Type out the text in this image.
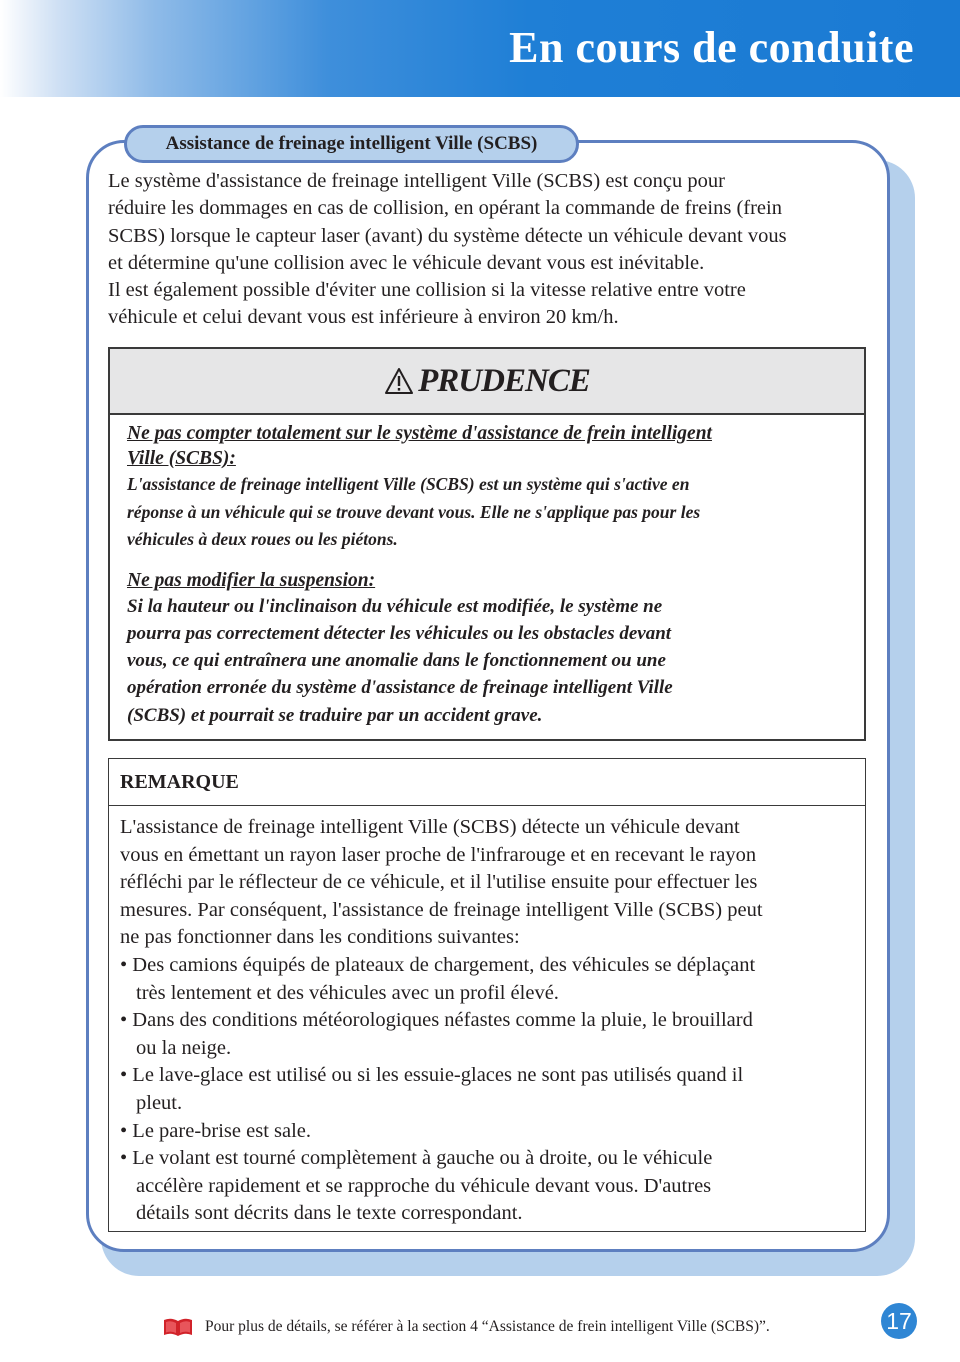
En cours de conduite
Assistance de freinage intelligent Ville (SCBS)

Le système d'assistance de freinage intelligent Ville (SCBS) est conçu pour

réduire les dommages en cas de collision, en opérant la commande de freins (frein

SCBS) lorsque le capteur laser (avant) du système détecte un véhicule devant vous

et détermine qu'une collision avec le véhicule devant vous est inévitable.

Il est également possible d'éviter une collision si la vitesse relative entre votre

véhicule et celui devant vous est inférieure à environ 20 km/h.

PRUDENCE

Ne pas compter totalement sur le système d'assistance de frein intelligent

Ville (SCBS):

L'assistance de freinage intelligent Ville (SCBS) est un système qui s'active en

réponse à un véhicule qui se trouve devant vous. Elle ne s'applique pas pour les

véhicules à deux roues ou les piétons.

Ne pas modifier la suspension:

Si la hauteur ou l'inclinaison du véhicule est modifiée, le système ne

pourra pas correctement détecter les véhicules ou les obstacles devant

vous, ce qui entraînera une anomalie dans le fonctionnement ou une

opération erronée du système d'assistance de freinage intelligent Ville

(SCBS) et pourrait se traduire par un accident grave.

REMARQUE

L'assistance de freinage intelligent Ville (SCBS) détecte un véhicule devant

vous en émettant un rayon laser proche de l'infrarouge et en recevant le rayon

réfléchi par le réflecteur de ce véhicule, et il l'utilise ensuite pour effectuer les

mesures. Par conséquent, l'assistance de freinage intelligent Ville (SCBS) peut

ne pas fonctionner dans les conditions suivantes:

• Des camions équipés de plateaux de chargement, des véhicules se déplaçant
très lentement et des véhicules avec un profil élevé.
• Dans des conditions météorologiques néfastes comme la pluie, le brouillard
ou la neige.
• Le lave-glace est utilisé ou si les essuie-glaces ne sont pas utilisés quand il
pleut.
• Le pare-brise est sale.
• Le volant est tourné complètement à gauche ou à droite, ou le véhicule
accélère rapidement et se rapproche du véhicule devant vous. D'autres
détails sont décrits dans le texte correspondant.
Pour plus de détails, se référer à la section 4 “Assistance de frein intelligent Ville (SCBS)”.	17
